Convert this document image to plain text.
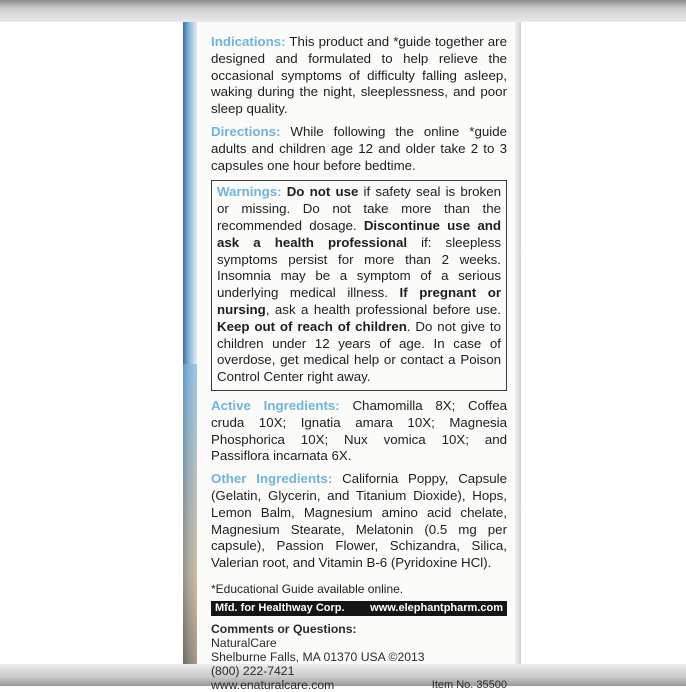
Indications: This product and *guide together are designed and formulated to help relieve the occasional symptoms of difficulty falling asleep, waking during the night, sleeplessness, and poor sleep quality.

Directions: While following the online *guide adults and children age 12 and older take 2 to 3 capsules one hour before bedtime.

Warnings: Do not use if safety seal is broken or missing. Do not take more than the recommended dosage. Discontinue use and ask a health professional if: sleepless symptoms persist for more than 2 weeks. Insomnia may be a symptom of a serious underlying medical illness. If pregnant or nursing, ask a health professional before use. Keep out of reach of children. Do not give to children under 12 years of age. In case of overdose, get medical help or contact a Poison Control Center right away.

Active Ingredients: Chamomilla 8X; Coffea cruda 10X; Ignatia amara 10X; Magnesia Phosphorica 10X; Nux vomica 10X; and Passiflora incarnata 6X.

Other Ingredients: California Poppy, Capsule (Gelatin, Glycerin, and Titanium Dioxide), Hops, Lemon Balm, Magnesium amino acid chelate, Magnesium Stearate, Melatonin (0.5 mg per capsule), Passion Flower, Schizandra, Silica, Valerian root, and Vitamin B-6 (Pyridoxine HCl).

*Educational Guide available online.
Mfd. for Healthway Corp. www.elephantpharm.com
Comments or Questions:
NaturalCare
Shelburne Falls, MA 01370 USA ©2013
(800) 222-7421
www.enaturalcare.com	Item No. 35500
